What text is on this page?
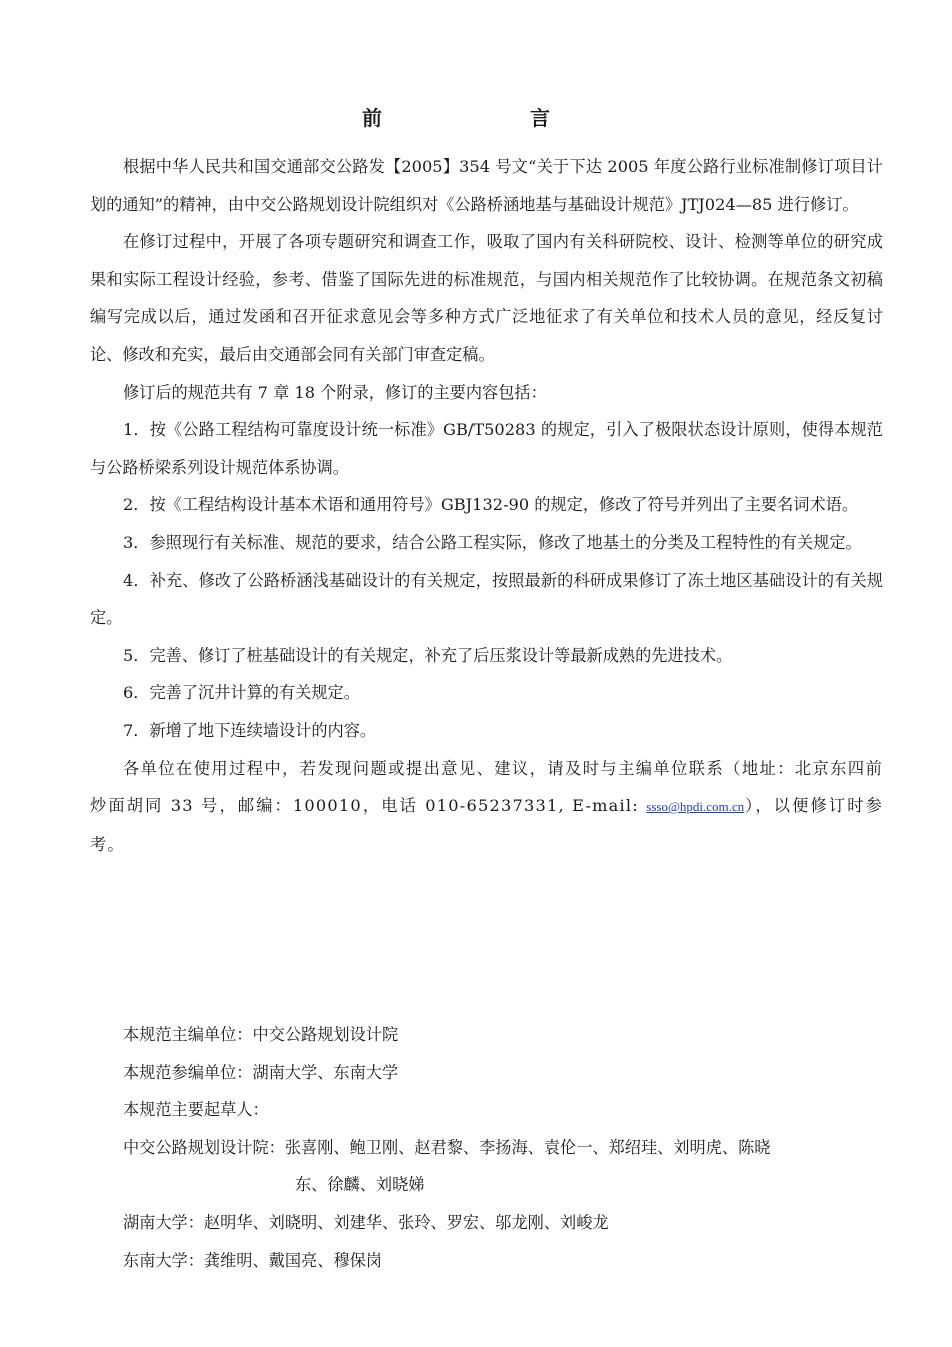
前　言

根据中华人民共和国交通部交公路发【2005】354 号文“关于下达 2005 年度公路行业标准制修订项目计划的通知”的精神，由中交公路规划设计院组织对《公路桥涵地基与基础设计规范》JTJ024—85 进行修订。

在修订过程中，开展了各项专题研究和调查工作，吸取了国内有关科研院校、设计、检测等单位的研究成果和实际工程设计经验，参考、借鉴了国际先进的标准规范，与国内相关规范作了比较协调。在规范条文初稿编写完成以后，通过发函和召开征求意见会等多种方式广泛地征求了有关单位和技术人员的意见，经反复讨论、修改和充实，最后由交通部会同有关部门审查定稿。

修订后的规范共有 7 章 18 个附录，修订的主要内容包括：

1．按《公路工程结构可靠度设计统一标准》GB/T50283 的规定，引入了极限状态设计原则，使得本规范与公路桥梁系列设计规范体系协调。

2．按《工程结构设计基本术语和通用符号》GBJ132-90 的规定，修改了符号并列出了主要名词术语。

3．参照现行有关标准、规范的要求，结合公路工程实际，修改了地基土的分类及工程特性的有关规定。

4．补充、修改了公路桥涵浅基础设计的有关规定，按照最新的科研成果修订了冻土地区基础设计的有关规定。

5．完善、修订了桩基础设计的有关规定，补充了后压浆设计等最新成熟的先进技术。

6．完善了沉井计算的有关规定。

7．新增了地下连续墙设计的内容。

各单位在使用过程中，若发现问题或提出意见、建议，请及时与主编单位联系（地址：北京东四前炒面胡同 33 号，邮编：100010，电话 010-65237331, E-mail: ssso@hpdi.com.cn），以便修订时参考。

本规范主编单位：中交公路规划设计院

本规范参编单位：湖南大学、东南大学

本规范主要起草人：

中交公路规划设计院：张喜刚、鲍卫刚、赵君黎、李扬海、袁伦一、郑绍珪、刘明虎、陈晓
东、徐麟、刘晓娣

湖南大学：赵明华、刘晓明、刘建华、张玲、罗宏、邬龙刚、刘峻龙

东南大学：龚维明、戴国亮、穆保岗
